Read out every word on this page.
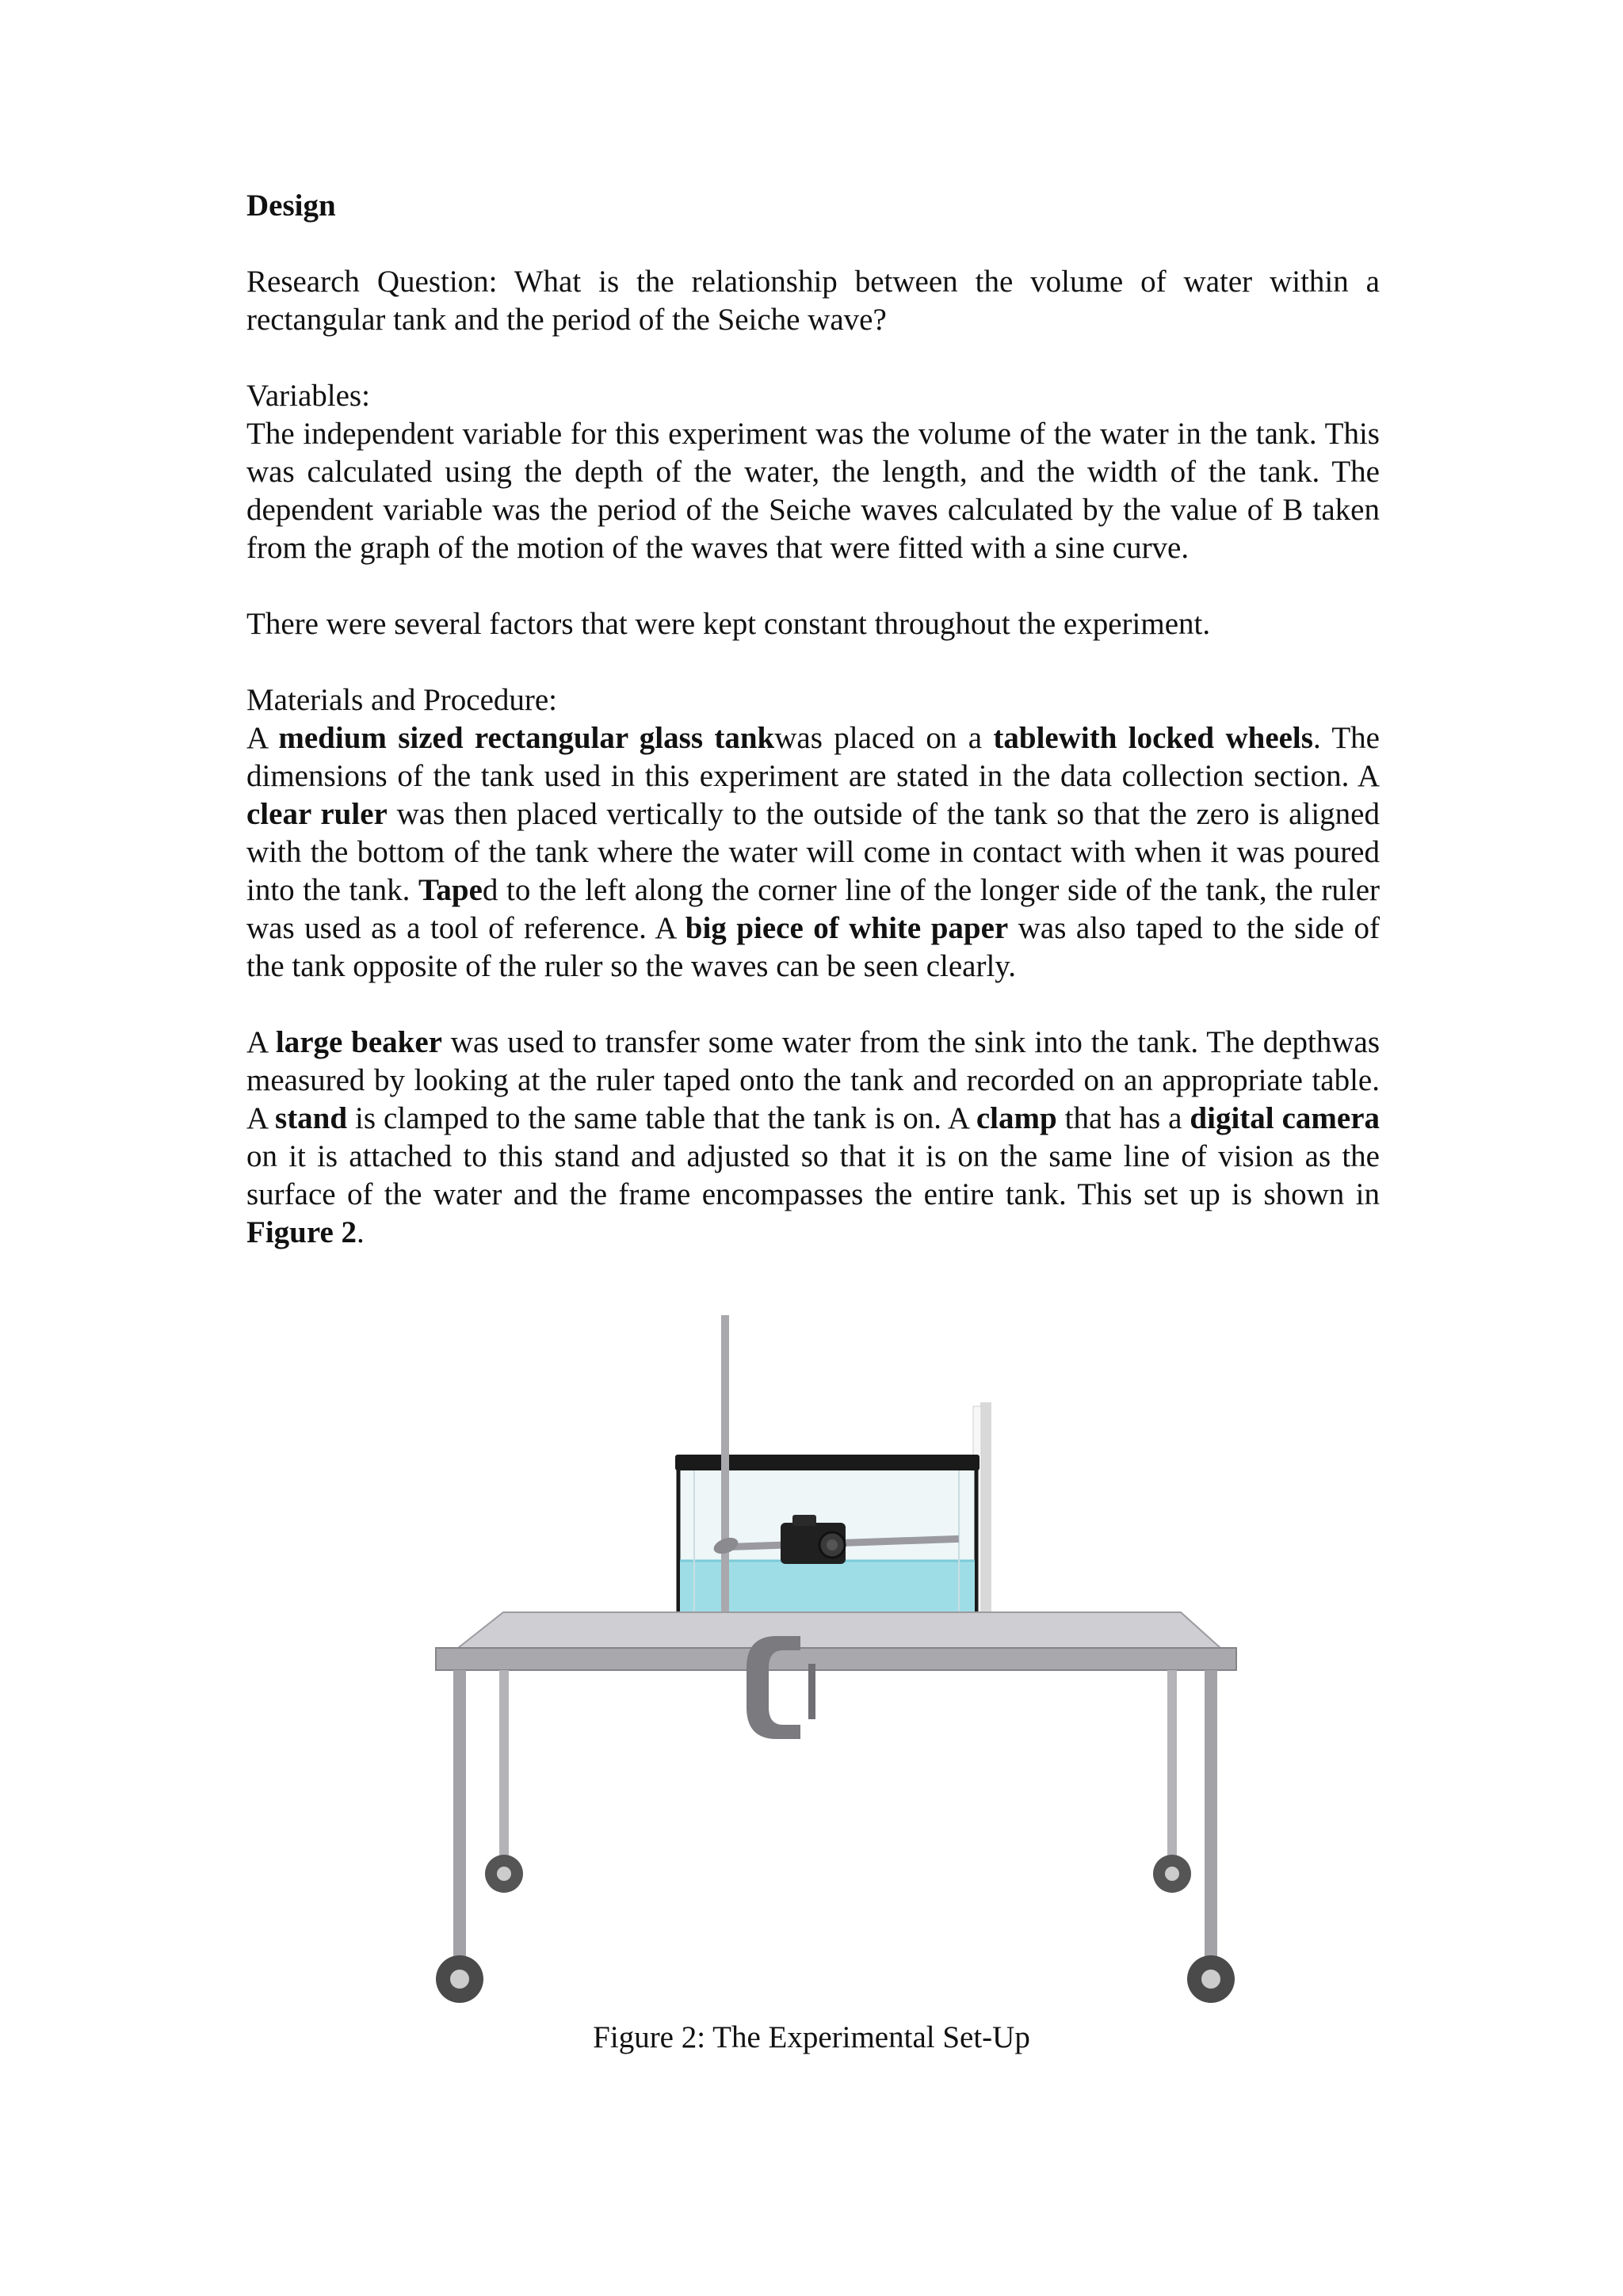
Design

Research Question: What is the relationship between the volume of water within a rectangular tank and the period of the Seiche wave?

Variables:

The independent variable for this experiment was the volume of the water in the tank. This was calculated using the depth of the water, the length, and the width of the tank. The dependent variable was the period of the Seiche waves calculated by the value of B taken from the graph of the motion of the waves that were fitted with a sine curve.

There were several factors that were kept constant throughout the experiment.

Materials and Procedure:

A medium sized rectangular glass tankwas placed on a tablewith locked wheels. The dimensions of the tank used in this experiment are stated in the data collection section. A clear ruler was then placed vertically to the outside of the tank so that the zero is aligned with the bottom of the tank where the water will come in contact with when it was poured into the tank. Taped to the left along the corner line of the longer side of the tank, the ruler was used as a tool of reference. A big piece of white paper was also taped to the side of the tank opposite of the ruler so the waves can be seen clearly.

A large beaker was used to transfer some water from the sink into the tank. The depthwas measured by looking at the ruler taped onto the tank and recorded on an appropriate table. A stand is clamped to the same table that the tank is on. A clamp that has a digital camera on it is attached to this stand and adjusted so that it is on the same line of vision as the surface of the water and the frame encompasses the entire tank. This set up is shown in Figure 2.

Figure 2: The Experimental Set-Up
